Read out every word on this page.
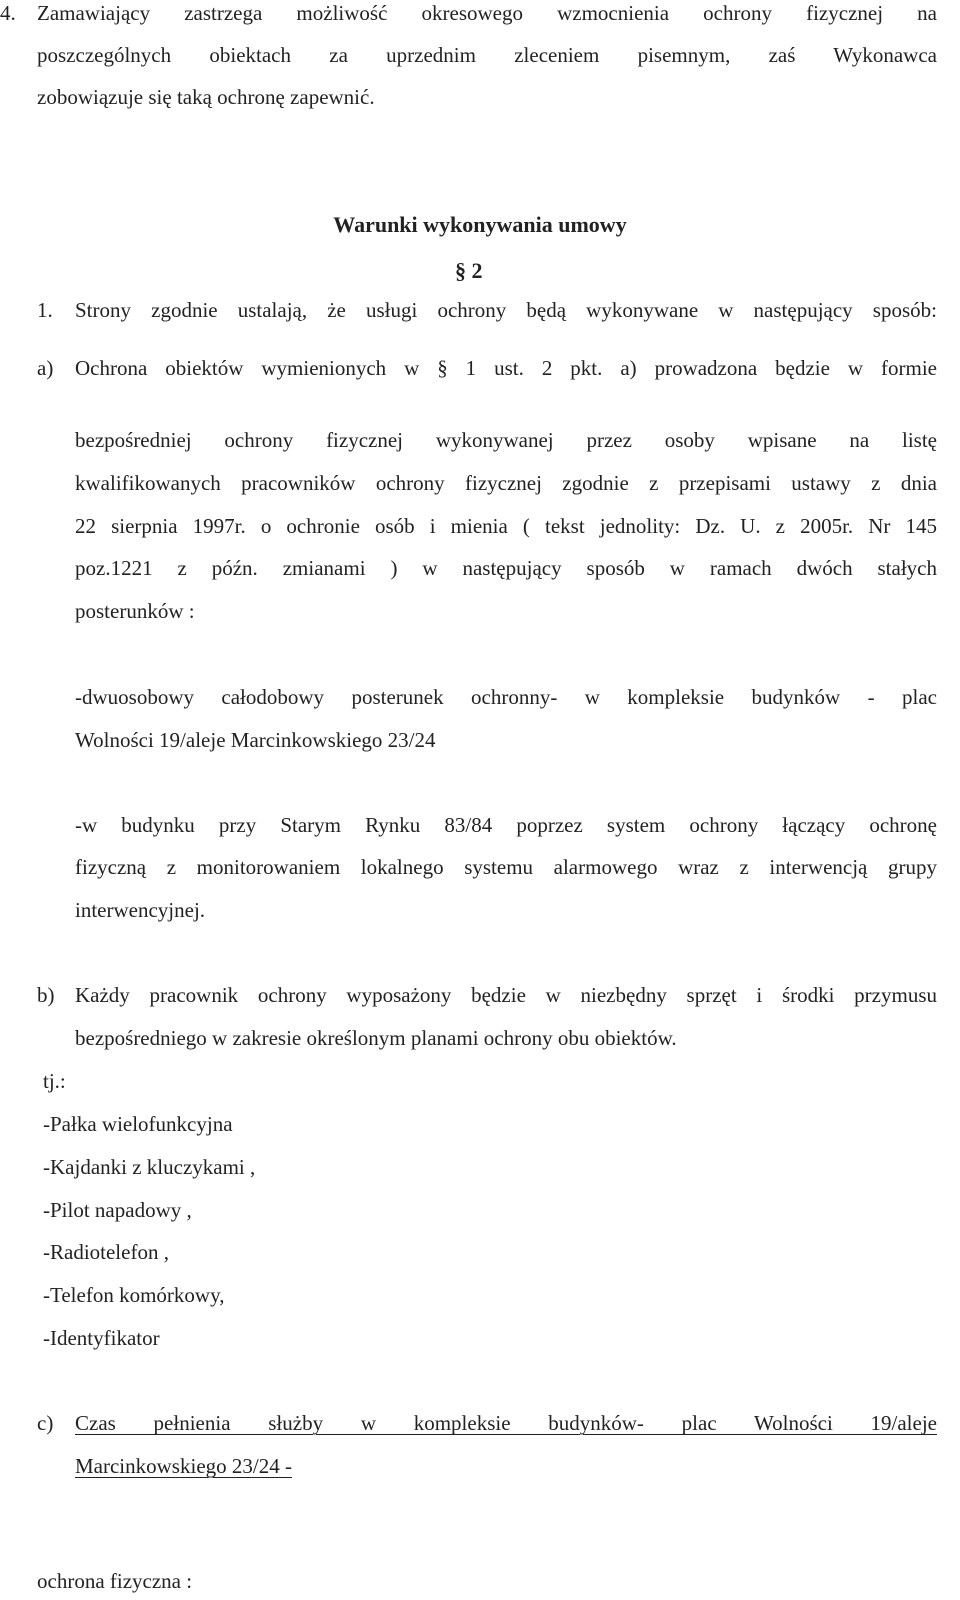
4. Zamawiający zastrzega możliwość okresowego wzmocnienia ochrony fizycznej na
poszczególnych obiektach za uprzednim zleceniem pisemnym, zaś Wykonawca
zobowiązuje się taką ochronę zapewnić.
Warunki wykonywania umowy
§ 2
1. Strony zgodnie ustalają, że usługi ochrony będą wykonywane w następujący sposób:
a) Ochrona obiektów wymienionych w § 1 ust. 2 pkt. a) prowadzona będzie w formie
bezpośredniej ochrony fizycznej wykonywanej przez osoby wpisane na listę
kwalifikowanych pracowników ochrony fizycznej zgodnie z przepisami ustawy z dnia
22 sierpnia 1997r. o ochronie osób i mienia ( tekst jednolity: Dz. U. z 2005r. Nr 145
poz.1221 z późn. zmianami ) w następujący sposób w ramach dwóch stałych
posterunków :
-dwuosobowy całodobowy posterunek ochronny- w kompleksie budynków - plac
Wolności 19/aleje Marcinkowskiego 23/24
-w budynku przy Starym Rynku 83/84 poprzez system ochrony łączący ochronę
fizyczną z monitorowaniem lokalnego systemu alarmowego wraz z interwencją grupy
interwencyjnej.
b) Każdy pracownik ochrony wyposażony będzie w niezbędny sprzęt i środki przymusu
bezpośredniego w zakresie określonym planami ochrony obu obiektów.
tj.:
-Pałka wielofunkcyjna
-Kajdanki z kluczykami ,
-Pilot napadowy ,
-Radiotelefon ,
-Telefon komórkowy,
-Identyfikator
c) Czas pełnienia służby w kompleksie budynków- plac Wolności 19/aleje
Marcinkowskiego 23/24 -
ochrona fizyczna :
